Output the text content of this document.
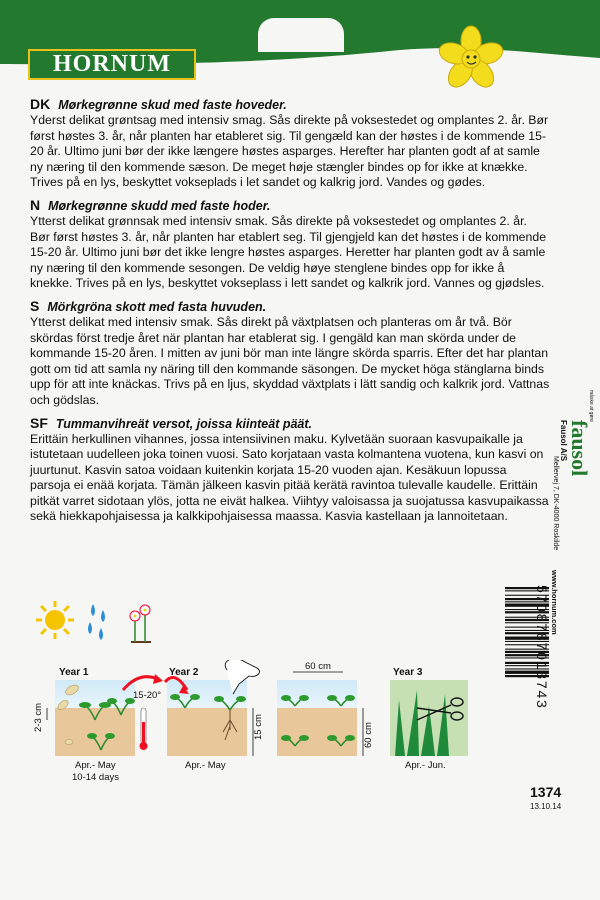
HORNUM
DK Mørkegrønne skud med faste hoveder.

Yderst delikat grøntsag med intensiv smag. Sås direkte på voksestedet og omplantes 2. år. Bør først høstes 3. år, når planten har etableret sig. Til gengæld kan der høstes i de kommende 15-20 år. Ultimo juni bør der ikke længere høstes asparges. Herefter har planten godt af at samle ny næring til den kommende sæson. De meget høje stængler bindes op for ikke at knække. Trives på en lys, beskyttet vokseplads i let sandet og kalkrig jord. Vandes og gødes.

N Mørkegrønne skudd med faste hoder.

Ytterst delikat grønnsak med intensiv smak. Sås direkte på voksestedet og omplantes 2. år. Bør først høstes 3. år, når planten har etablert seg. Til gjengjeld kan det høstes i de kommende 15-20 år. Ultimo juni bør det ikke lengre høstes asparges. Heretter har planten godt av å samle ny næring til den kommende sesongen. De veldig høye stenglene bindes opp for ikke å knekke. Trives på en lys, beskyttet vokseplass i lett sandet og kalkrik jord. Vannes og gjødsles.

S Mörkgröna skott med fasta huvuden.

Ytterst delikat med intensiv smak. Sås direkt på växtplatsen och planteras om år två. Bör skördas först tredje året när plantan har etablerat sig. I gengäld kan man skörda under de kommande 15-20 åren. I mitten av juni bör man inte längre skörda sparris. Efter det har plantan gott om tid att samla ny näring till den kommande säsongen. De mycket höga stänglarna binds upp för att inte knäckas. Trivs på en ljus, skyddad växtplats i lätt sandig och kalkrik jord. Vattnas och gödslas.

SF Tummanvihreät versot, joissa kiinteät päät.

Erittäin herkullinen vihannes, jossa intensiivinen maku. Kylvetään suoraan kasvupaikalle ja istutetaan uudelleen joka toinen vuosi. Sato korjataan vasta kolmantena vuotena, kun kasvi on juurtunut. Kasvin satoa voidaan kuitenkin korjata 15-20 vuoden ajan. Kesäkuun lopussa parsoja ei enää korjata. Tämän jälkeen kasvin pitää kerätä ravintoa tulevalle kaudelle. Erittäin pitkät varret sidotaan ylös, jotta ne eivät halkea. Viihtyy valoisassa ja suojatussa kasvupaikassa sekä hiekkapohjaisessa ja kalkkipohjaisessa maassa. Kasvia kastellaan ja lannoitetaan.

fausol
måske at gøre
Fausol A/S
Mellervej 7, DK-4000 Roskilde
www.hornum.com
5708787013743
1374
13.10.14
Year 1
2-3 cm
15-20°
Apr.- May
10-14 days
Year 2
15 cm
Apr.- May
60 cm
60 cm
Year 3
Apr.- Jun.
